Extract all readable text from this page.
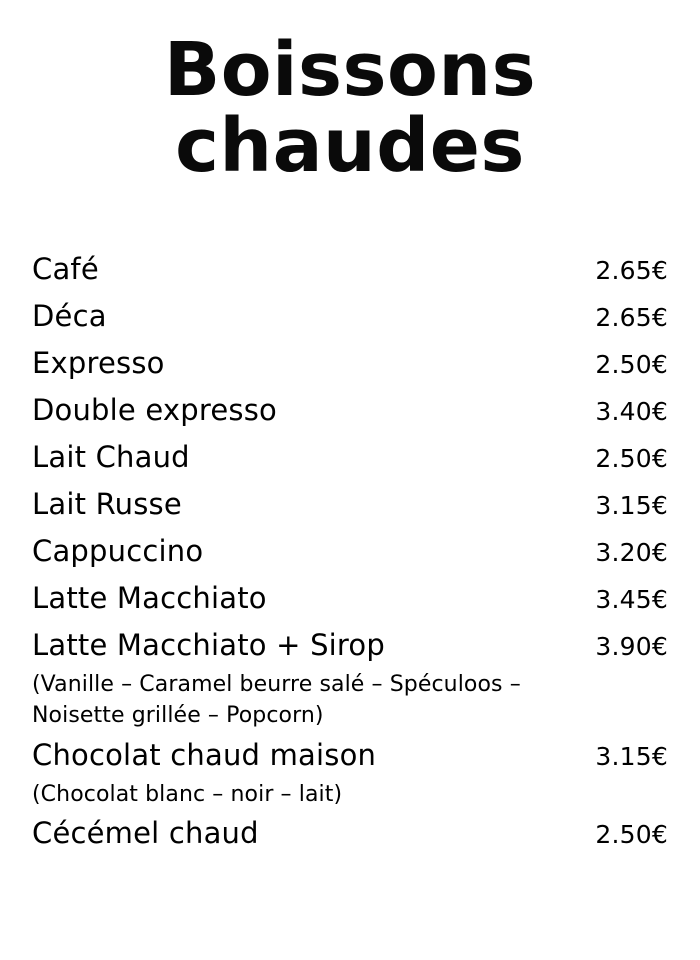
Boissons
chaudes
Café	2.65€
Déca	2.65€
Expresso	2.50€
Double expresso	3.40€
Lait Chaud	2.50€
Lait Russe	3.15€
Cappuccino	3.20€
Latte Macchiato	3.45€
Latte Macchiato + Sirop	3.90€
(Vanille – Caramel beurre salé – Spéculoos –
Noisette grillée – Popcorn)
Chocolat chaud maison	3.15€
(Chocolat blanc – noir – lait)
Cécémel chaud	2.50€
